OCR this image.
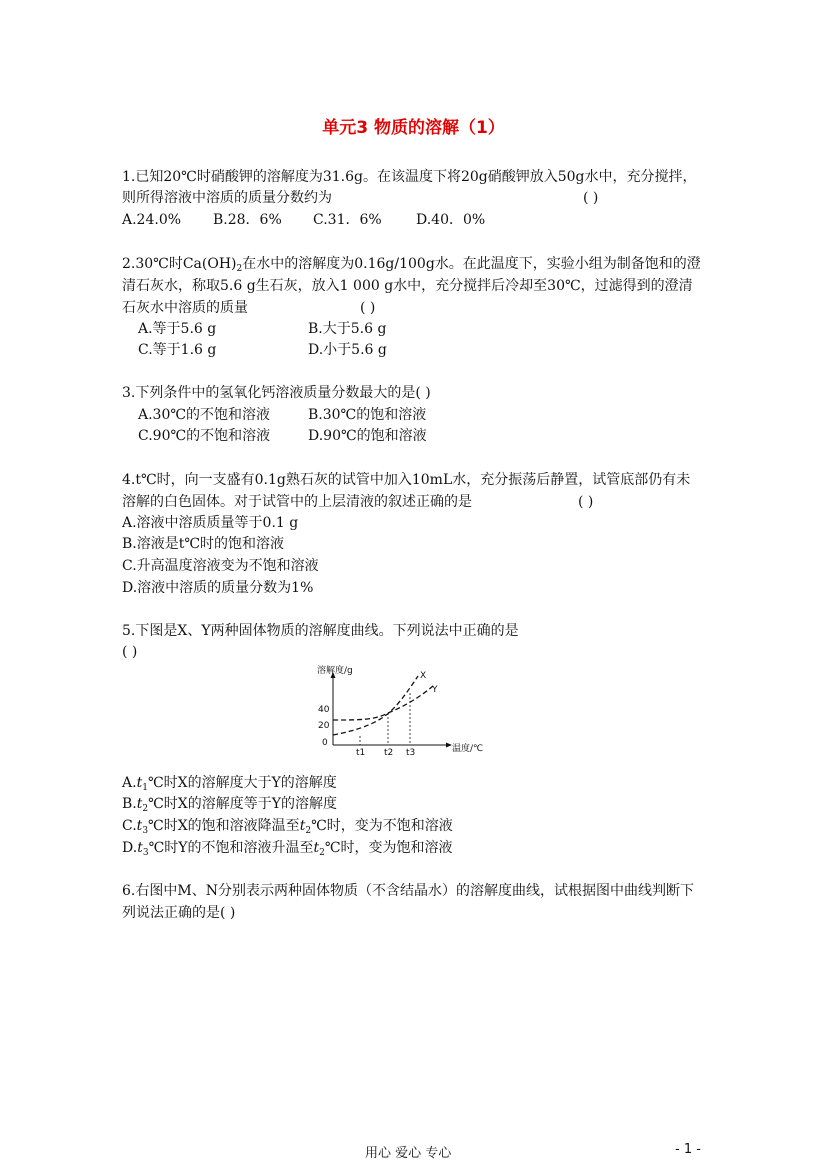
单元3 物质的溶解（1）
1.已知20℃时硝酸钾的溶解度为31.6g。在该温度下将20g硝酸钾放入50g水中，充分搅拌，
则所得溶液中溶质的质量分数约为	( )
A.24.0% B.28．6% C.31．6% D.40．0%
2.30℃时$Ca(OH)_2$在水中的溶解度为0.16g/100g水。在此温度下，实验小组为制备饱和的澄
清石灰水，称取5.6 g生石灰，放入1 000 g水中，充分搅拌后冷却至30℃，过滤得到的澄清
石灰水中溶质的质量	( )
A.等于5.6 g	B.大于5.6 g
C.等于1.6 g	D.小于5.6 g
3.下列条件中的氢氧化钙溶液质量分数最大的是( )
A.30℃的不饱和溶液	B.30℃的饱和溶液
C.90℃的不饱和溶液	D.90℃的饱和溶液
4.t℃时，向一支盛有0.1g熟石灰的试管中加入10mL水，充分振荡后静置，试管底部仍有未
溶解的白色固体。对于试管中的上层清液的叙述正确的是	( )
A.溶液中溶质质量等于0.1 g
B.溶液是t℃时的饱和溶液
C.升高温度溶液变为不饱和溶液
D.溶液中溶质的质量分数为1%
5.下图是X、Y两种固体物质的溶解度曲线。下列说法中正确的是
( )
溶解度/g
温度/℃
40
20
0
t1 t2 t3
X
Y
$A.t_1℃$时X的溶解度大于Y的溶解度
$B.t_2℃$时X的溶解度等于Y的溶解度
$C.t_3℃$时X的饱和溶液降温至$t_2℃$时，变为不饱和溶液
$D.t_3℃$时Y的不饱和溶液升温至$t_2℃$时，变为饱和溶液
6.右图中M、N分别表示两种固体物质（不含结晶水）的溶解度曲线，试根据图中曲线判断下
列说法正确的是( )
用心 爱心 专心	- 1 -
